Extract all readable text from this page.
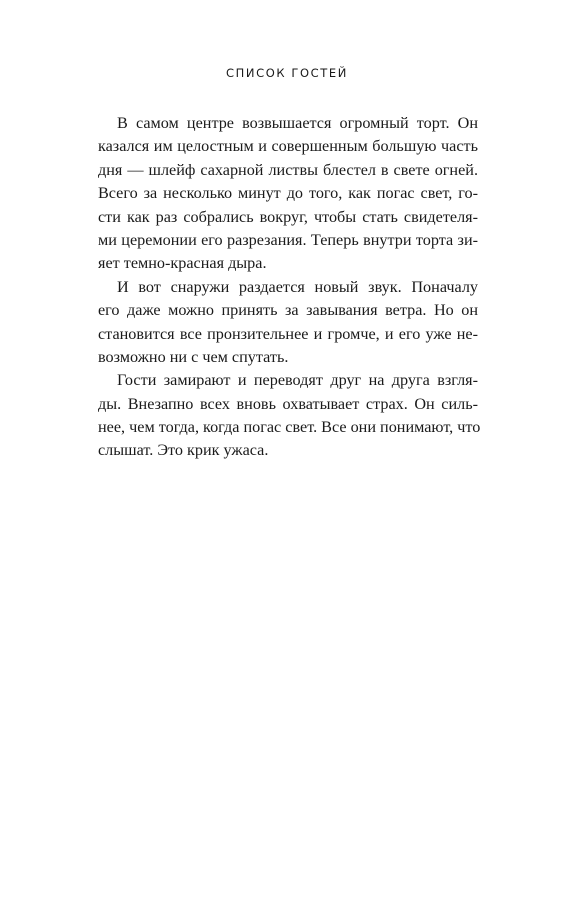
СПИСОК ГОСТЕЙ
В самом центре возвышается огромный торт. Он
казался им целостным и совершенным большую часть
дня — шлейф сахарной листвы блестел в свете огней.
Всего за несколько минут до того, как погас свет, го-
сти как раз собрались вокруг, чтобы стать свидетеля-
ми церемонии его разрезания. Теперь внутри торта зи-
яет темно-красная дыра.
И вот снаружи раздается новый звук. Поначалу
его даже можно принять за завывания ветра. Но он
становится все пронзительнее и громче, и его уже не-
возможно ни с чем спутать.
Гости замирают и переводят друг на друга взгля-
ды. Внезапно всех вновь охватывает страх. Он силь-
нее, чем тогда, когда погас свет. Все они понимают, что
слышат. Это крик ужаса.
